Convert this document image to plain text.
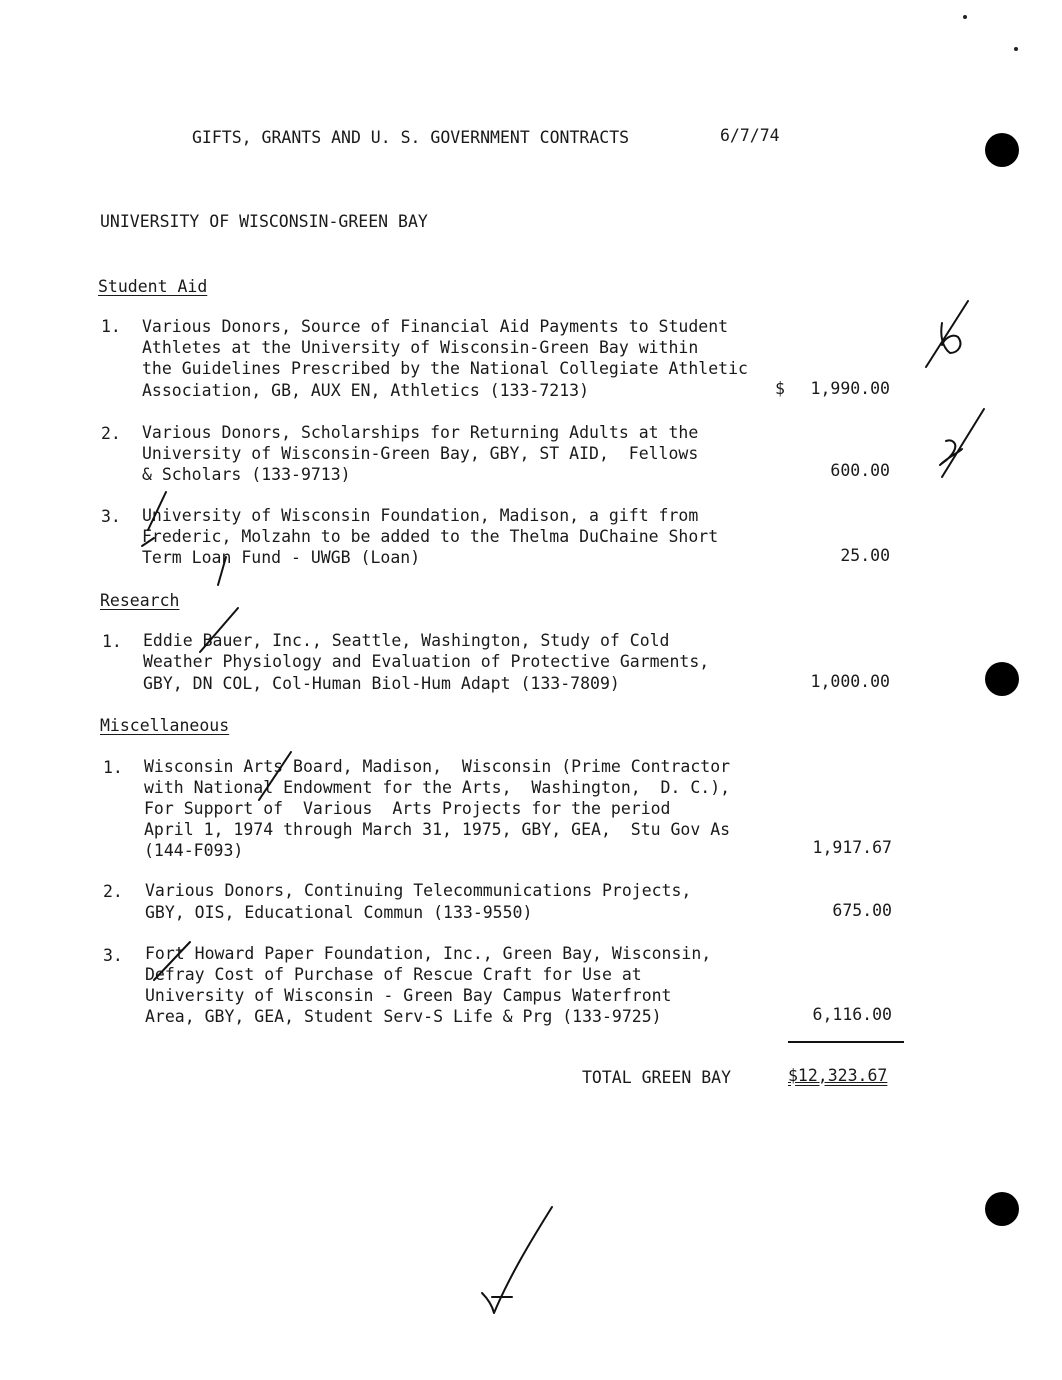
GIFTS, GRANTS AND U. S. GOVERNMENT CONTRACTS	6/7/74
UNIVERSITY OF WISCONSIN-GREEN BAY
Student Aid
1. Various Donors, Source of Financial Aid Payments to Student
Athletes at the University of Wisconsin-Green Bay within
the Guidelines Prescribed by the National Collegiate Athletic
Association, GB, AUX EN, Athletics (133-7213)	$	1,990.00
2. Various Donors, Scholarships for Returning Adults at the
University of Wisconsin-Green Bay, GBY, ST AID,  Fellows
& Scholars (133-9713)	600.00
3. University of Wisconsin Foundation, Madison, a gift from
Frederic, Molzahn to be added to the Thelma DuChaine Short
Term Loan Fund - UWGB (Loan)	25.00
Research
1. Eddie Bauer, Inc., Seattle, Washington, Study of Cold
Weather Physiology and Evaluation of Protective Garments,
GBY, DN COL, Col-Human Biol-Hum Adapt (133-7809)	1,000.00
Miscellaneous
1. Wisconsin Arts Board, Madison,  Wisconsin (Prime Contractor
with National Endowment for the Arts,  Washington,  D. C.),
For Support of  Various  Arts Projects for the period
April 1, 1974 through March 31, 1975, GBY, GEA,  Stu Gov As
(144-F093)	1,917.67
2. Various Donors, Continuing Telecommunications Projects,
GBY, OIS, Educational Commun (133-9550)	675.00
3. Fort Howard Paper Foundation, Inc., Green Bay, Wisconsin,
Defray Cost of Purchase of Rescue Craft for Use at
University of Wisconsin - Green Bay Campus Waterfront
Area, GBY, GEA, Student Serv-S Life & Prg (133-9725)	6,116.00
TOTAL GREEN BAY	$12,323.67
